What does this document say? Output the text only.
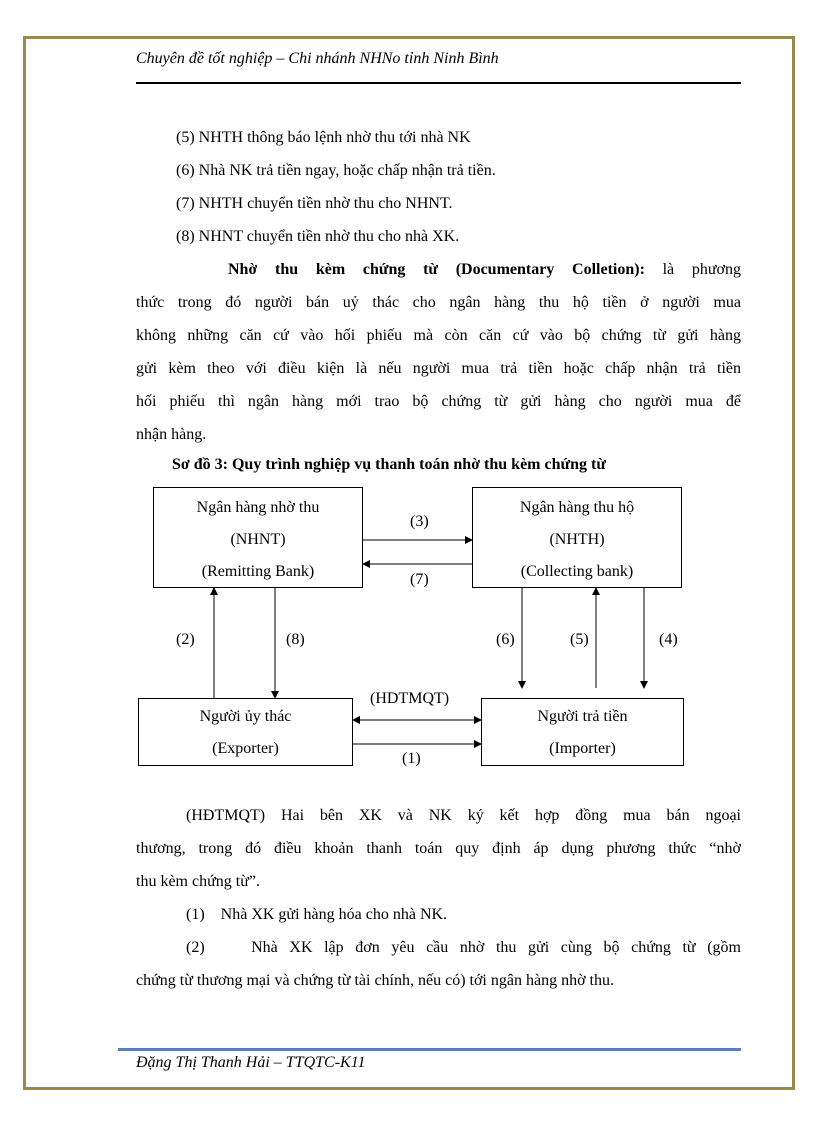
Chuyên đề tốt nghiệp – Chi nhánh NHNo tỉnh Ninh Bình
(5) NHTH thông báo lệnh nhờ thu tới nhà NK
(6) Nhà NK trả tiền ngay, hoặc chấp nhận trả tiền.
(7) NHTH chuyển tiền nhờ thu cho NHNT.
(8) NHNT chuyển tiền nhờ thu cho nhà XK.
Nhờ thu kèm chứng từ (Documentary Colletion): là phương
thức trong đó người bán uỷ thác cho ngân hàng thu hộ tiền ở người mua
không những căn cứ vào hối phiếu mà còn căn cứ vào bộ chứng từ gửi hàng
gửi kèm theo với điều kiện là nếu người mua trả tiền hoặc chấp nhận trả tiền
hối phiếu thì ngân hàng mới trao bộ chứng từ gửi hàng cho người mua để
nhận hàng.
Sơ đồ 3: Quy trình nghiệp vụ thanh toán nhờ thu kèm chứng từ
Ngân hàng nhờ thu
(NHNT)
(Remitting Bank)
Ngân hàng thu hộ
(NHTH)
(Collecting bank)
Người ủy thác
(Exporter)
Người trả tiền
(Importer)
(3)
(7)
(2)	(8)	(6)	(5)	(4)
(HDTMQT)
(1)
(HĐTMQT) Hai bên XK và NK ký kết hợp đồng mua bán ngoại
thương, trong đó điều khoản thanh toán quy định áp dụng phương thức “nhờ
thu kèm chứng từ”.
(1)    Nhà XK gửi hàng hóa cho nhà NK.
(2)    Nhà XK lập đơn yêu cầu nhờ thu gửi cùng bộ chứng từ (gồm
chứng từ thương mại và chứng từ tài chính, nếu có) tới ngân hàng nhờ thu.
Đặng Thị Thanh Hải – TTQTC-K11
